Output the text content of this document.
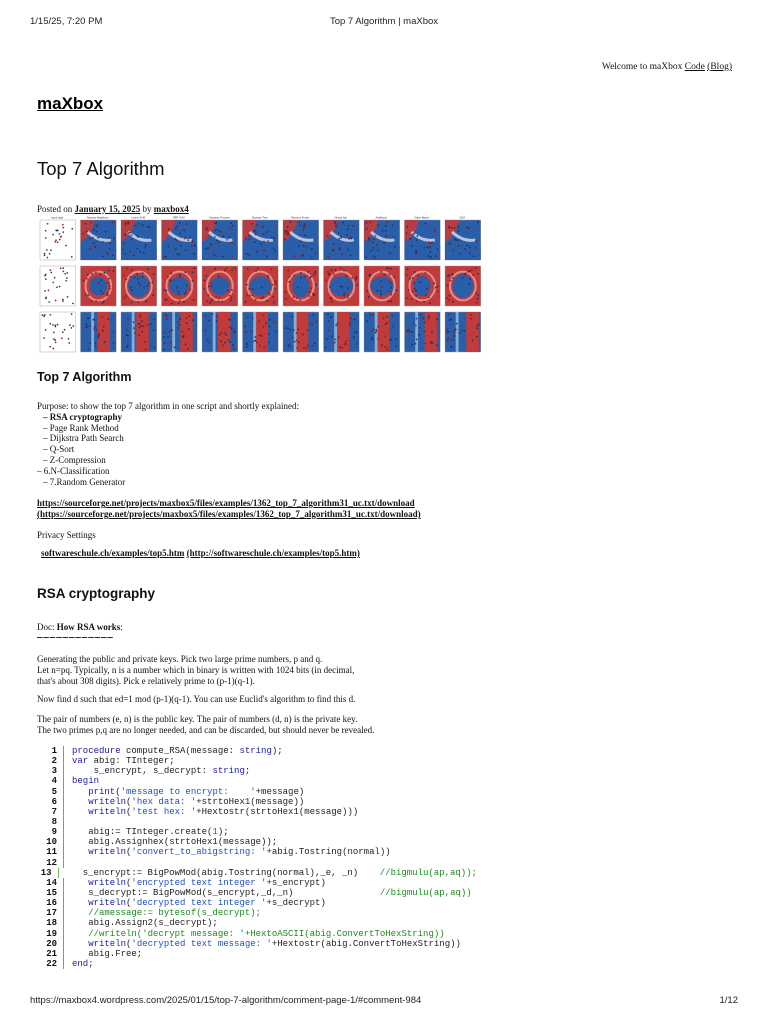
1/15/25, 7:20 PM	Top 7 Algorithm | maXbox
Welcome to maXbox Code (Blog)
maXbox
Top 7 Algorithm
Posted on January 15, 2025 by maxbox4
Input data	Nearest Neighbors	Linear SVM	RBF SVM	Gaussian Process	Decision Tree	Random Forest	Neural Net	AdaBoost	Naive Bayes	QDA
Top 7 Algorithm
Purpose: to show the top 7 algorithm in one script and shortly explained:
– RSA cryptography
– Page Rank Method
– Dijkstra Path Search
– Q-Sort
– Z-Compression
– 6.N-Classification
– 7.Random Generator
https://sourceforge.net/projects/maxbox5/files/examples/1362_top_7_algorithm31_uc.txt/download
(https://sourceforge.net/projects/maxbox5/files/examples/1362_top_7_algorithm31_uc.txt/download)
Privacy Settings
softwareschule.ch/examples/top5.htm (http://softwareschule.ch/examples/top5.htm)
RSA cryptography
Doc: How RSA works:
————————————
Generating the public and private keys. Pick two large prime numbers, p and q.
Let n=pq. Typically, n is a number which in binary is written with 1024 bits (in decimal,
that's about 308 digits). Pick e relatively prime to (p-1)(q-1).
Now find d such that ed=1 mod (p-1)(q-1). You can use Euclid's algorithm to find this d.
The pair of numbers (e, n) is the public key. The pair of numbers (d, n) is the private key.
The two primes p,q are no longer needed, and can be discarded, but should never be revealed.
1	procedure compute_RSA(message: string);
2	var abig: TInteger;
3	s_encrypt, s_decrypt: string;
4	begin
5	print('message to encrypt:    '+message)
6	writeln('hex data: '+strtoHex1(message))
7	writeln('test hex: '+Hextostr(strtoHex1(message)))
8
9	abig:= TInteger.create(1);
10	abig.Assignhex(strtoHex1(message));
11	writeln('convert_to_abigstring: '+abig.Tostring(normal))
12
13	s_encrypt:= BigPowMod(abig.Tostring(normal),_e, _n)    //bigmulu(ap,aq));
14	writeln('encrypted text integer '+s_encrypt)
15	s_decrypt:= BigPowMod(s_encrypt,_d,_n)                //bigmulu(ap,aq))
16	writeln('decrypted text integer '+s_decrypt)
17	//amessage:= bytesof(s_decrypt);
18	abig.Assign2(s_decrypt);
19	//writeln('decrypt message: '+HextoASCII(abig.ConvertToHexString))
20	writeln('decrypted text message: '+Hextostr(abig.ConvertToHexString))
21	abig.Free;
22	end;
https://maxbox4.wordpress.com/2025/01/15/top-7-algorithm/comment-page-1/#comment-984	1/12
